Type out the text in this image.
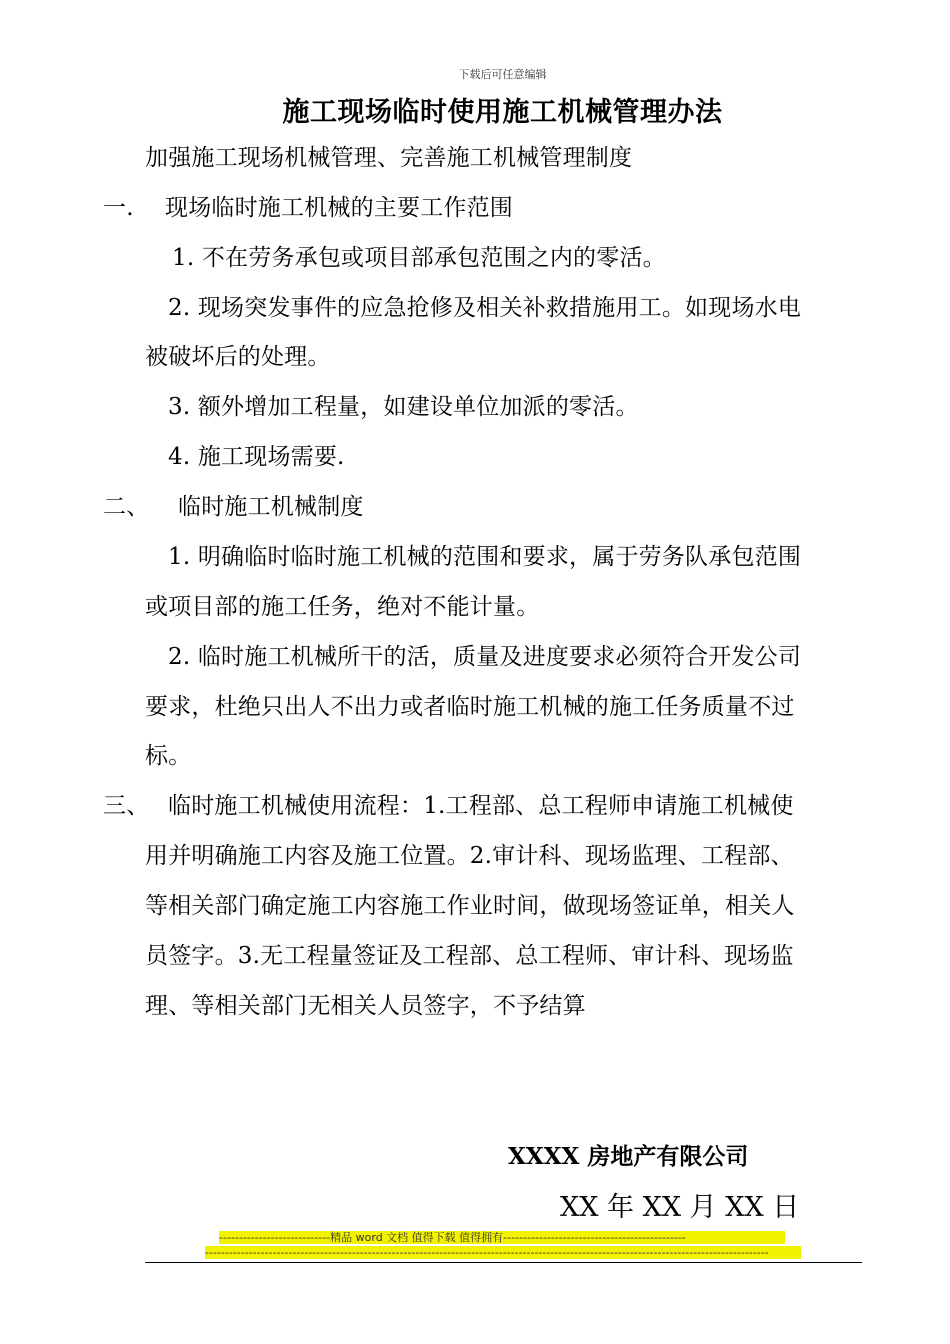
下载后可任意编辑
施工现场临时使用施工机械管理办法
加强施工现场机械管理、完善施工机械管理制度
一. 现场临时施工机械的主要工作范围
1. 不在劳务承包或项目部承包范围之内的零活。
2. 现场突发事件的应急抢修及相关补救措施用工。如现场水电
被破坏后的处理。
3. 额外增加工程量，如建设单位加派的零活。
4. 施工现场需要.
二、 临时施工机械制度
1. 明确临时临时施工机械的范围和要求，属于劳务队承包范围
或项目部的施工任务，绝对不能计量。
2. 临时施工机械所干的活，质量及进度要求必须符合开发公司
要求，杜绝只出人不出力或者临时施工机械的施工任务质量不过
标。
三、 临时施工机械使用流程：1.工程部、总工程师申请施工机械使
用并明确施工内容及施工位置。2.审计科、现场监理、工程部、
等相关部门确定施工内容施工作业时间，做现场签证单，相关人
员签字。3.无工程量签证及工程部、总工程师、审计科、现场监
理、等相关部门无相关人员签字，不予结算
XXXX 房地产有限公司
XX 年 XX 月 XX 日
----------------------------精品 word 文档 值得下载 值得拥有----------------------------------------------
----------------------------------------------------------------------------------------------------------------------------------------------
